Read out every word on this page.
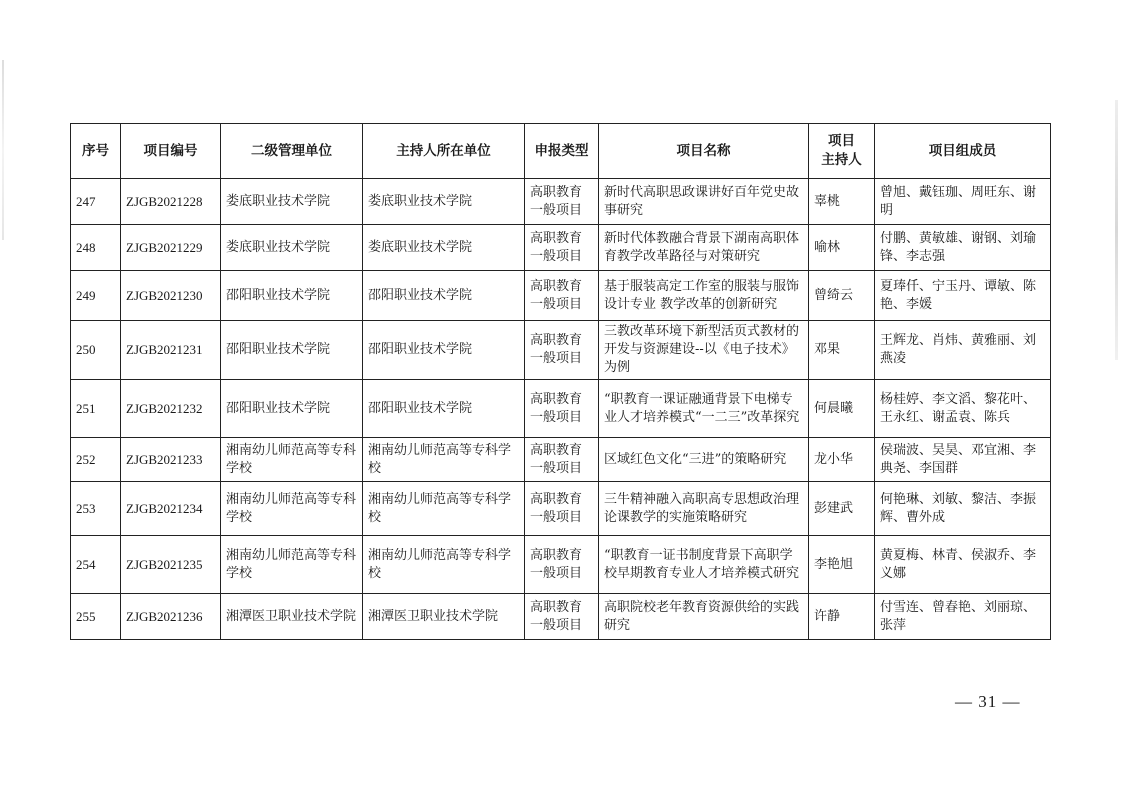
序号	项目编号	二级管理单位	主持人所在单位	申报类型	项目名称	项目
主持人	项目组成员
247	ZJGB2021228	娄底职业技术学院	娄底职业技术学院	高职教育
一般项目	新时代高职思政课讲好百年党史故事研究	辜桃	曾旭、戴钰珈、周旺东、谢明
248	ZJGB2021229	娄底职业技术学院	娄底职业技术学院	高职教育
一般项目	新时代体教融合背景下湖南高职体育教学改革路径与对策研究	喻林	付鹏、黄敏雄、谢钢、刘瑜锋、李志强
249	ZJGB2021230	邵阳职业技术学院	邵阳职业技术学院	高职教育
一般项目	基于服装高定工作室的服装与服饰设计专业 教学改革的创新研究	曾绮云	夏琫仟、宁玉丹、谭敏、陈艳、李媛
250	ZJGB2021231	邵阳职业技术学院	邵阳职业技术学院	高职教育
一般项目	三教改革环境下新型活页式教材的开发与资源建设--以《电子技术》为例	邓果	王辉龙、肖炜、黄雅丽、刘燕凌
251	ZJGB2021232	邵阳职业技术学院	邵阳职业技术学院	高职教育
一般项目	“职教育一课证融通背景下电梯专业人才培养模式“一二三”改革探究	何晨曦	杨桂婷、李文滔、黎花叶、王永红、谢孟袁、陈兵
252	ZJGB2021233	湘南幼儿师范高等专科学校	湘南幼儿师范高等专科学校	高职教育
一般项目	区域红色文化“三进”的策略研究	龙小华	侯瑞波、吴昊、邓宜湘、李典尧、李国群
253	ZJGB2021234	湘南幼儿师范高等专科学校	湘南幼儿师范高等专科学校	高职教育
一般项目	三牛精神融入高职高专思想政治理论课教学的实施策略研究	彭建武	何艳琳、刘敏、黎洁、李振辉、曹外成
254	ZJGB2021235	湘南幼儿师范高等专科学校	湘南幼儿师范高等专科学校	高职教育
一般项目	“职教育一证书制度背景下高职学校早期教育专业人才培养模式研究	李艳旭	黄夏梅、林青、侯淑乔、李义娜
255	ZJGB2021236	湘潭医卫职业技术学院	湘潭医卫职业技术学院	高职教育
一般项目	高职院校老年教育资源供给的实践研究	许静	付雪连、曾春艳、刘丽琼、张萍
— 31 —
